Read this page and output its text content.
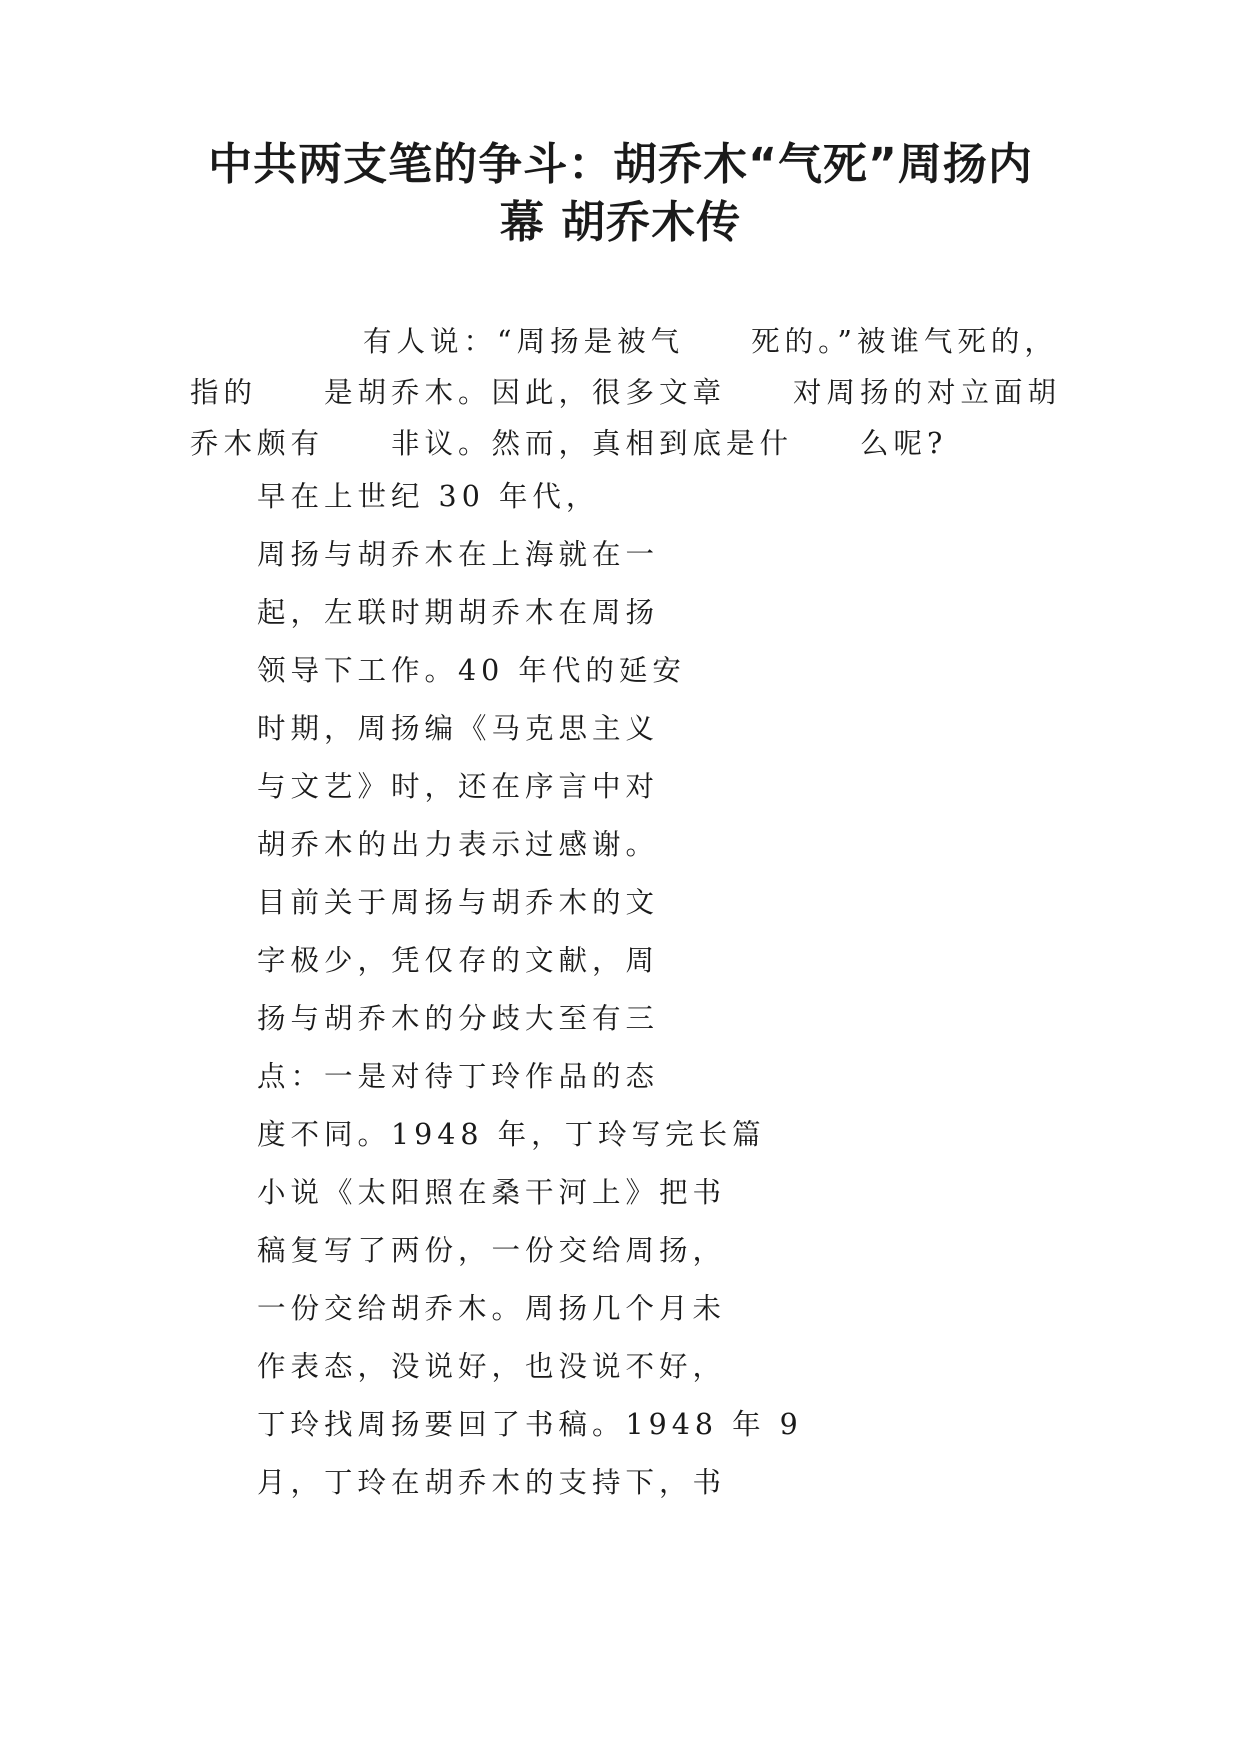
中共两支笔的争斗：胡乔木“气死”周扬内
幕 胡乔木传
有人说：“周扬是被气　　死的。”被谁气死的，
指的　　是胡乔木。因此，很多文章　　对周扬的对立面胡
乔木颇有　　非议。然而，真相到底是什　　么呢?
早在上世纪 30 年代，
周扬与胡乔木在上海就在一
起，左联时期胡乔木在周扬
领导下工作。40 年代的延安
时期，周扬编《马克思主义
与文艺》时，还在序言中对
胡乔木的出力表示过感谢。
目前关于周扬与胡乔木的文
字极少，凭仅存的文献，周
扬与胡乔木的分歧大至有三
点：一是对待丁玲作品的态
度不同。1948 年，丁玲写完长篇
小说《太阳照在桑干河上》把书
稿复写了两份，一份交给周扬，
一份交给胡乔木。周扬几个月未
作表态，没说好，也没说不好，
丁玲找周扬要回了书稿。1948 年 9
月，丁玲在胡乔木的支持下，书
